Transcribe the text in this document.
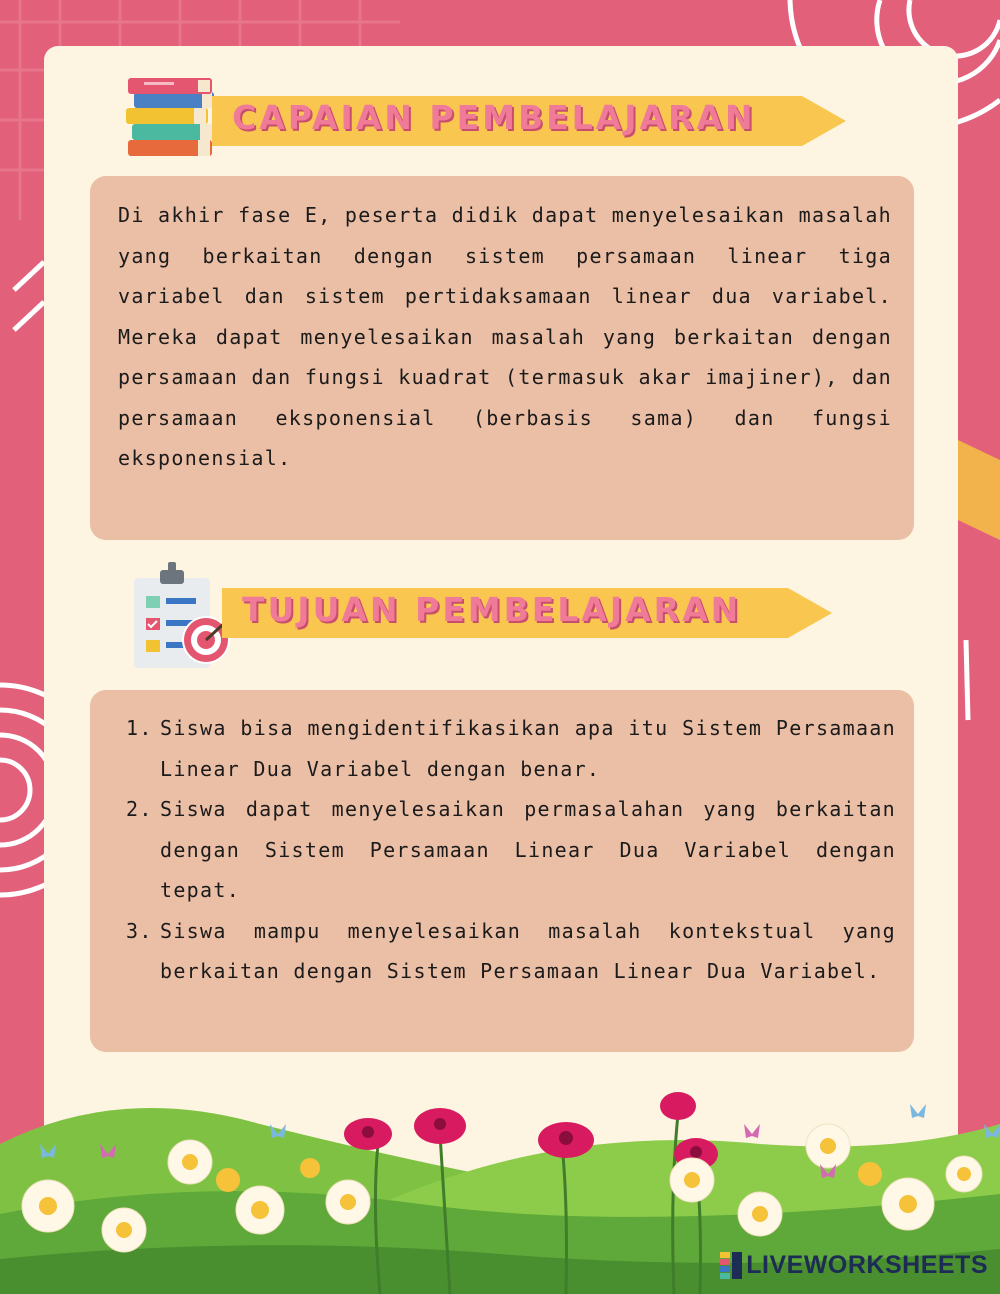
CAPAIAN PEMBELAJARAN

Di akhir fase E, peserta didik dapat menyelesaikan masalah yang berkaitan dengan sistem persamaan linear tiga variabel dan sistem pertidaksamaan linear dua variabel. Mereka dapat menyelesaikan masalah yang berkaitan dengan persamaan dan fungsi kuadrat (termasuk akar imajiner), dan persamaan eksponensial (berbasis sama) dan fungsi eksponensial.

TUJUAN PEMBELAJARAN
1. Siswa bisa mengidentifikasikan apa itu Sistem Persamaan Linear Dua Variabel dengan benar.
2. Siswa dapat menyelesaikan permasalahan yang berkaitan dengan Sistem Persamaan Linear Dua Variabel dengan tepat.
3. Siswa mampu menyelesaikan masalah kontekstual yang berkaitan dengan Sistem Persamaan Linear Dua Variabel.
LIVEWORKSHEETS
